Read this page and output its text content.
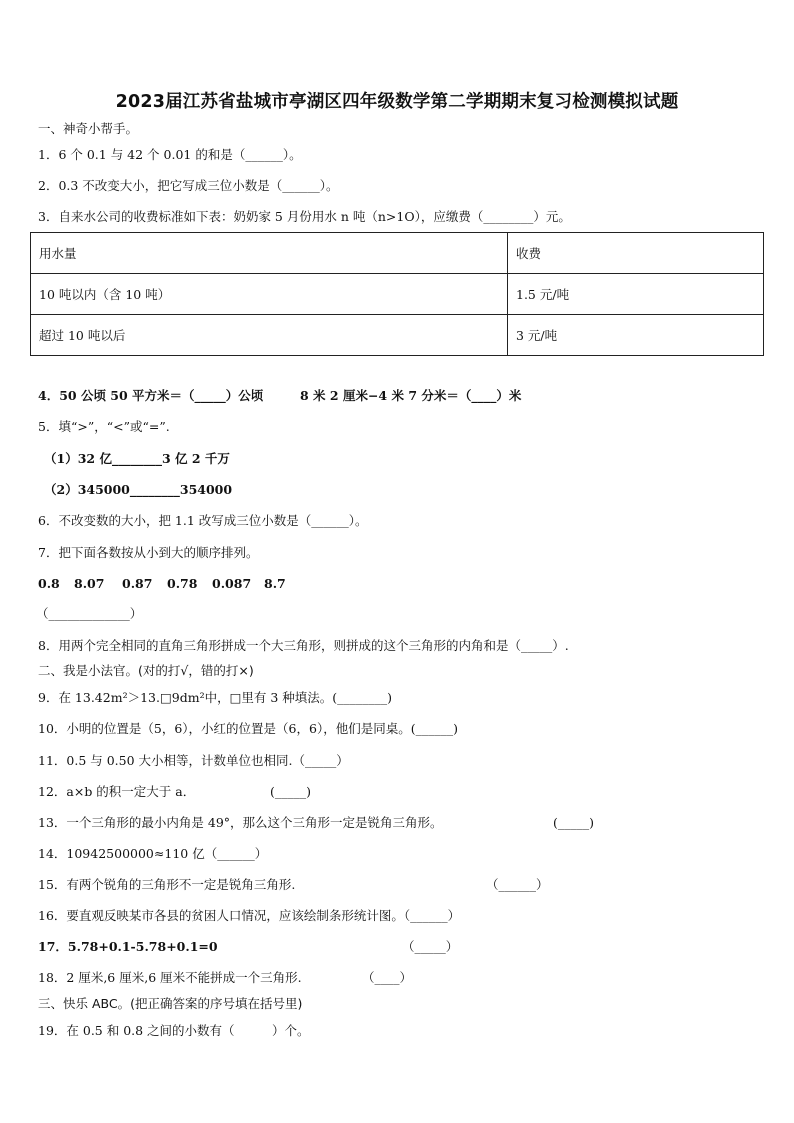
2023届江苏省盐城市亭湖区四年级数学第二学期期末复习检测模拟试题
一、神奇小帮手。
1．6 个 0.1 与 42 个 0.01 的和是（______）。
2．0.3 不改变大小，把它写成三位小数是（______）。
3．自来水公司的收费标准如下表：奶奶家 5 月份用水 n 吨（n>1O），应缴费（________）元。
用水量	收费
10 吨以内（含 10 吨）	1.5 元/吨
超过 10 吨以后	3 元/吨
4．50 公顷 50 平方米＝（_____）公顷	8 米 2 厘米−4 米 7 分米＝（____）米
5．填“>”，“<”或“=”.
（1）32 亿________3 亿 2 千万
（2）345000________354000
6．不改变数的大小，把 1.1 改写成三位小数是（______）。
7．把下面各数按从小到大的顺序排列。
0.8 8.07 0.87 0.78 0.087 8.7
（_____________）
8．用两个完全相同的直角三角形拼成一个大三角形，则拼成的这个三角形的内角和是（_____）.
二、我是小法官。(对的打√，错的打×)
9．在 13.42m²＞13.□9dm²中，□里有 3 种填法。(________)
10．小明的位置是（5，6），小红的位置是（6，6），他们是同桌。(______)
11．0.5 与 0.50 大小相等，计数单位也相同.（_____）
12．a×b 的积一定大于 a．	(_____)
13．一个三角形的最小内角是 49°，那么这个三角形一定是锐角三角形。	(_____)
14．10942500000≈110 亿（______）
15．有两个锐角的三角形不一定是锐角三角形.	（______）
16．要直观反映某市各县的贫困人口情况，应该绘制条形统计图。（______）
17．5.78+0.1-5.78+0.1=0	（_____）
18．2 厘米,6 厘米,6 厘米不能拼成一个三角形.	（____）
三、快乐 ABC。(把正确答案的序号填在括号里)
19．在 0.5 和 0.8 之间的小数有（　　　）个。
